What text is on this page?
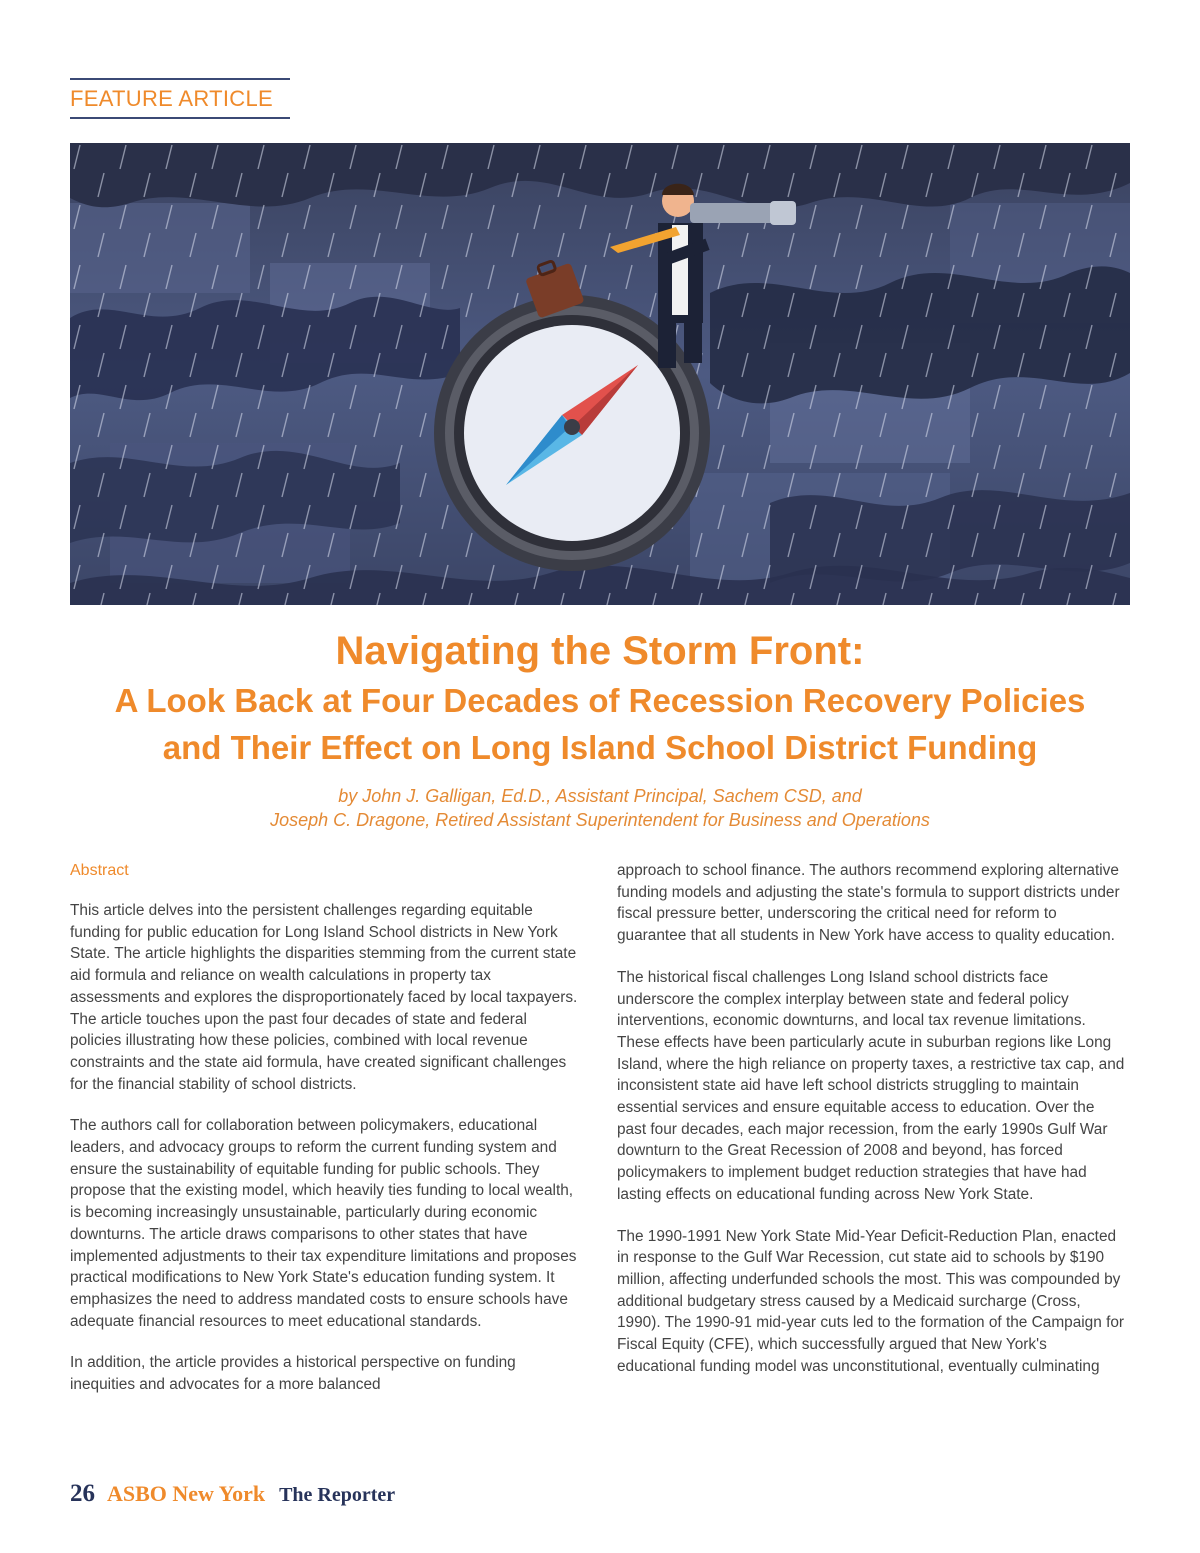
FEATURE ARTICLE

Navigating the Storm Front:

A Look Back at Four Decades of Recession Recovery Policies

and Their Effect on Long Island School District Funding

by John J. Galligan, Ed.D., Assistant Principal, Sachem CSD, and
Joseph C. Dragone, Retired Assistant Superintendent for Business and Operations
Abstract

This article delves into the persistent challenges regarding equitable funding for public education for Long Island School districts in New York State. The article highlights the disparities stemming from the current state aid formula and reliance on wealth calculations in property tax assessments and explores the disproportionately faced by local taxpayers. The article touches upon the past four decades of state and federal policies illustrating how these policies, combined with local revenue constraints and the state aid formula, have created significant challenges for the financial stability of school districts.

The authors call for collaboration between policymakers, educational leaders, and advocacy groups to reform the current funding system and ensure the sustainability of equitable funding for public schools. They propose that the existing model, which heavily ties funding to local wealth, is becoming increasingly unsustainable, particularly during economic downturns. The article draws comparisons to other states that have implemented adjustments to their tax expenditure limitations and proposes practical modifications to New York State's education funding system. It emphasizes the need to address mandated costs to ensure schools have adequate financial resources to meet educational standards.

In addition, the article provides a historical perspective on funding inequities and advocates for a more balanced

approach to school finance. The authors recommend exploring alternative funding models and adjusting the state's formula to support districts under fiscal pressure better, underscoring the critical need for reform to guarantee that all students in New York have access to quality education.

The historical fiscal challenges Long Island school districts face underscore the complex interplay between state and federal policy interventions, economic downturns, and local tax revenue limitations. These effects have been particularly acute in suburban regions like Long Island, where the high reliance on property taxes, a restrictive tax cap, and inconsistent state aid have left school districts struggling to maintain essential services and ensure equitable access to education. Over the past four decades, each major recession, from the early 1990s Gulf War downturn to the Great Recession of 2008 and beyond, has forced policymakers to implement budget reduction strategies that have had lasting effects on educational funding across New York State.

The 1990-1991 New York State Mid-Year Deficit-Reduction Plan, enacted in response to the Gulf War Recession, cut state aid to schools by $190 million, affecting underfunded schools the most. This was compounded by additional budgetary stress caused by a Medicaid surcharge (Cross, 1990). The 1990-91 mid-year cuts led to the formation of the Campaign for Fiscal Equity (CFE), which successfully argued that New York's educational funding model was unconstitutional, eventually culminating

26 ASBO New York The Reporter
